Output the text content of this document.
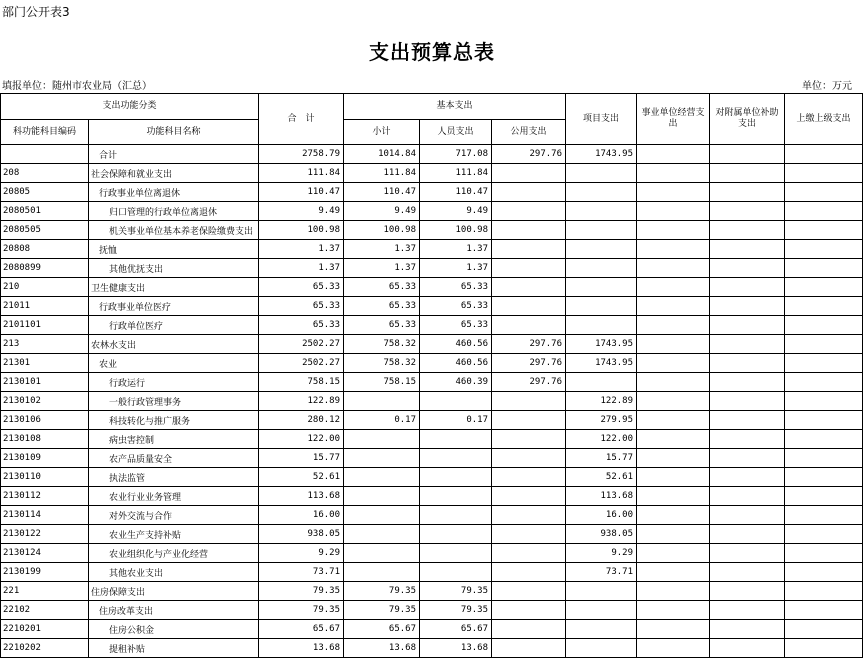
部门公开表3
支出预算总表
填报单位：随州市农业局（汇总）	单位：万元
支出功能分类		合　计	基本支出			项目支出	事业单位经营支出	对附属单位补助支出	上缴上级支出
科功能科目编码	功能科目名称		小计	人员支出	公用支出				
	合计	2758.79	1014.84	717.08	297.76	1743.95			
208	社会保障和就业支出	111.84	111.84	111.84					
20805	行政事业单位离退休	110.47	110.47	110.47					
2080501	归口管理的行政单位离退休	9.49	9.49	9.49					
2080505	机关事业单位基本养老保险缴费支出	100.98	100.98	100.98					
20808	抚恤	1.37	1.37	1.37					
2080899	其他优抚支出	1.37	1.37	1.37					
210	卫生健康支出	65.33	65.33	65.33					
21011	行政事业单位医疗	65.33	65.33	65.33					
2101101	行政单位医疗	65.33	65.33	65.33					
213	农林水支出	2502.27	758.32	460.56	297.76	1743.95			
21301	农业	2502.27	758.32	460.56	297.76	1743.95			
2130101	行政运行	758.15	758.15	460.39	297.76				
2130102	一般行政管理事务	122.89				122.89			
2130106	科技转化与推广服务	280.12	0.17	0.17		279.95			
2130108	病虫害控制	122.00				122.00			
2130109	农产品质量安全	15.77				15.77			
2130110	执法监管	52.61				52.61			
2130112	农业行业业务管理	113.68				113.68			
2130114	对外交流与合作	16.00				16.00			
2130122	农业生产支持补贴	938.05				938.05			
2130124	农业组织化与产业化经营	9.29				9.29			
2130199	其他农业支出	73.71				73.71			
221	住房保障支出	79.35	79.35	79.35					
22102	住房改革支出	79.35	79.35	79.35					
2210201	住房公积金	65.67	65.67	65.67					
2210202	提租补贴	13.68	13.68	13.68					
